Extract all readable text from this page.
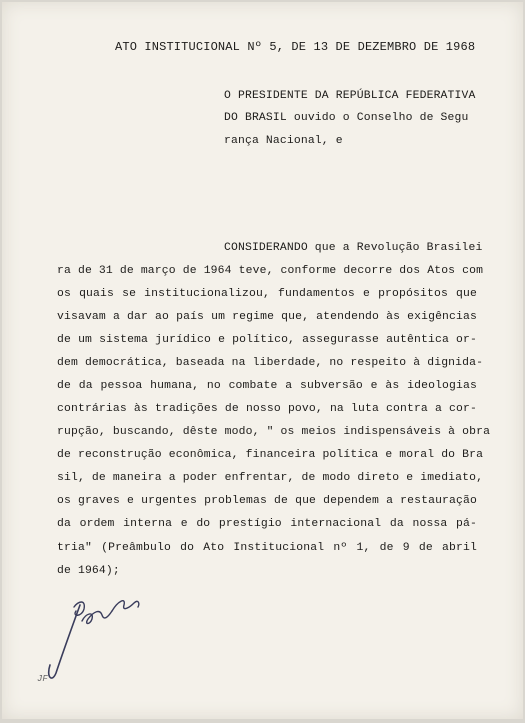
ATO INSTITUCIONAL Nº 5, DE 13 DE DEZEMBRO DE 1968
O PRESIDENTE DA REPÚBLICA FEDERATIVA
DO BRASIL ouvido o Conselho de Segu
rança Nacional, e
CONSIDERANDO que a Revolução Brasilei
ra de 31 de março de 1964 teve, conforme decorre dos Atos com
os quais se institucionalizou, fundamentos e propósitos que
visavam a dar ao país um regime que, atendendo às exigências
de um sistema jurídico e político, assegurasse autêntica or-
dem democrática, baseada na liberdade, no respeito à dignida-
de da pessoa humana, no combate a subversão e às ideologias
contrárias às tradições de nosso povo, na luta contra a cor-
rupção, buscando, dêste modo, " os meios indispensáveis à obra
de reconstrução econômica, financeira política e moral do Bra
sil, de maneira a poder enfrentar, de modo direto e imediato,
os graves e urgentes problemas de que dependem a restauração
da ordem interna e do prestígio internacional da nossa pá-
tria" (Preâmbulo do Ato Institucional nº 1, de 9 de abril
de 1964);
JF
